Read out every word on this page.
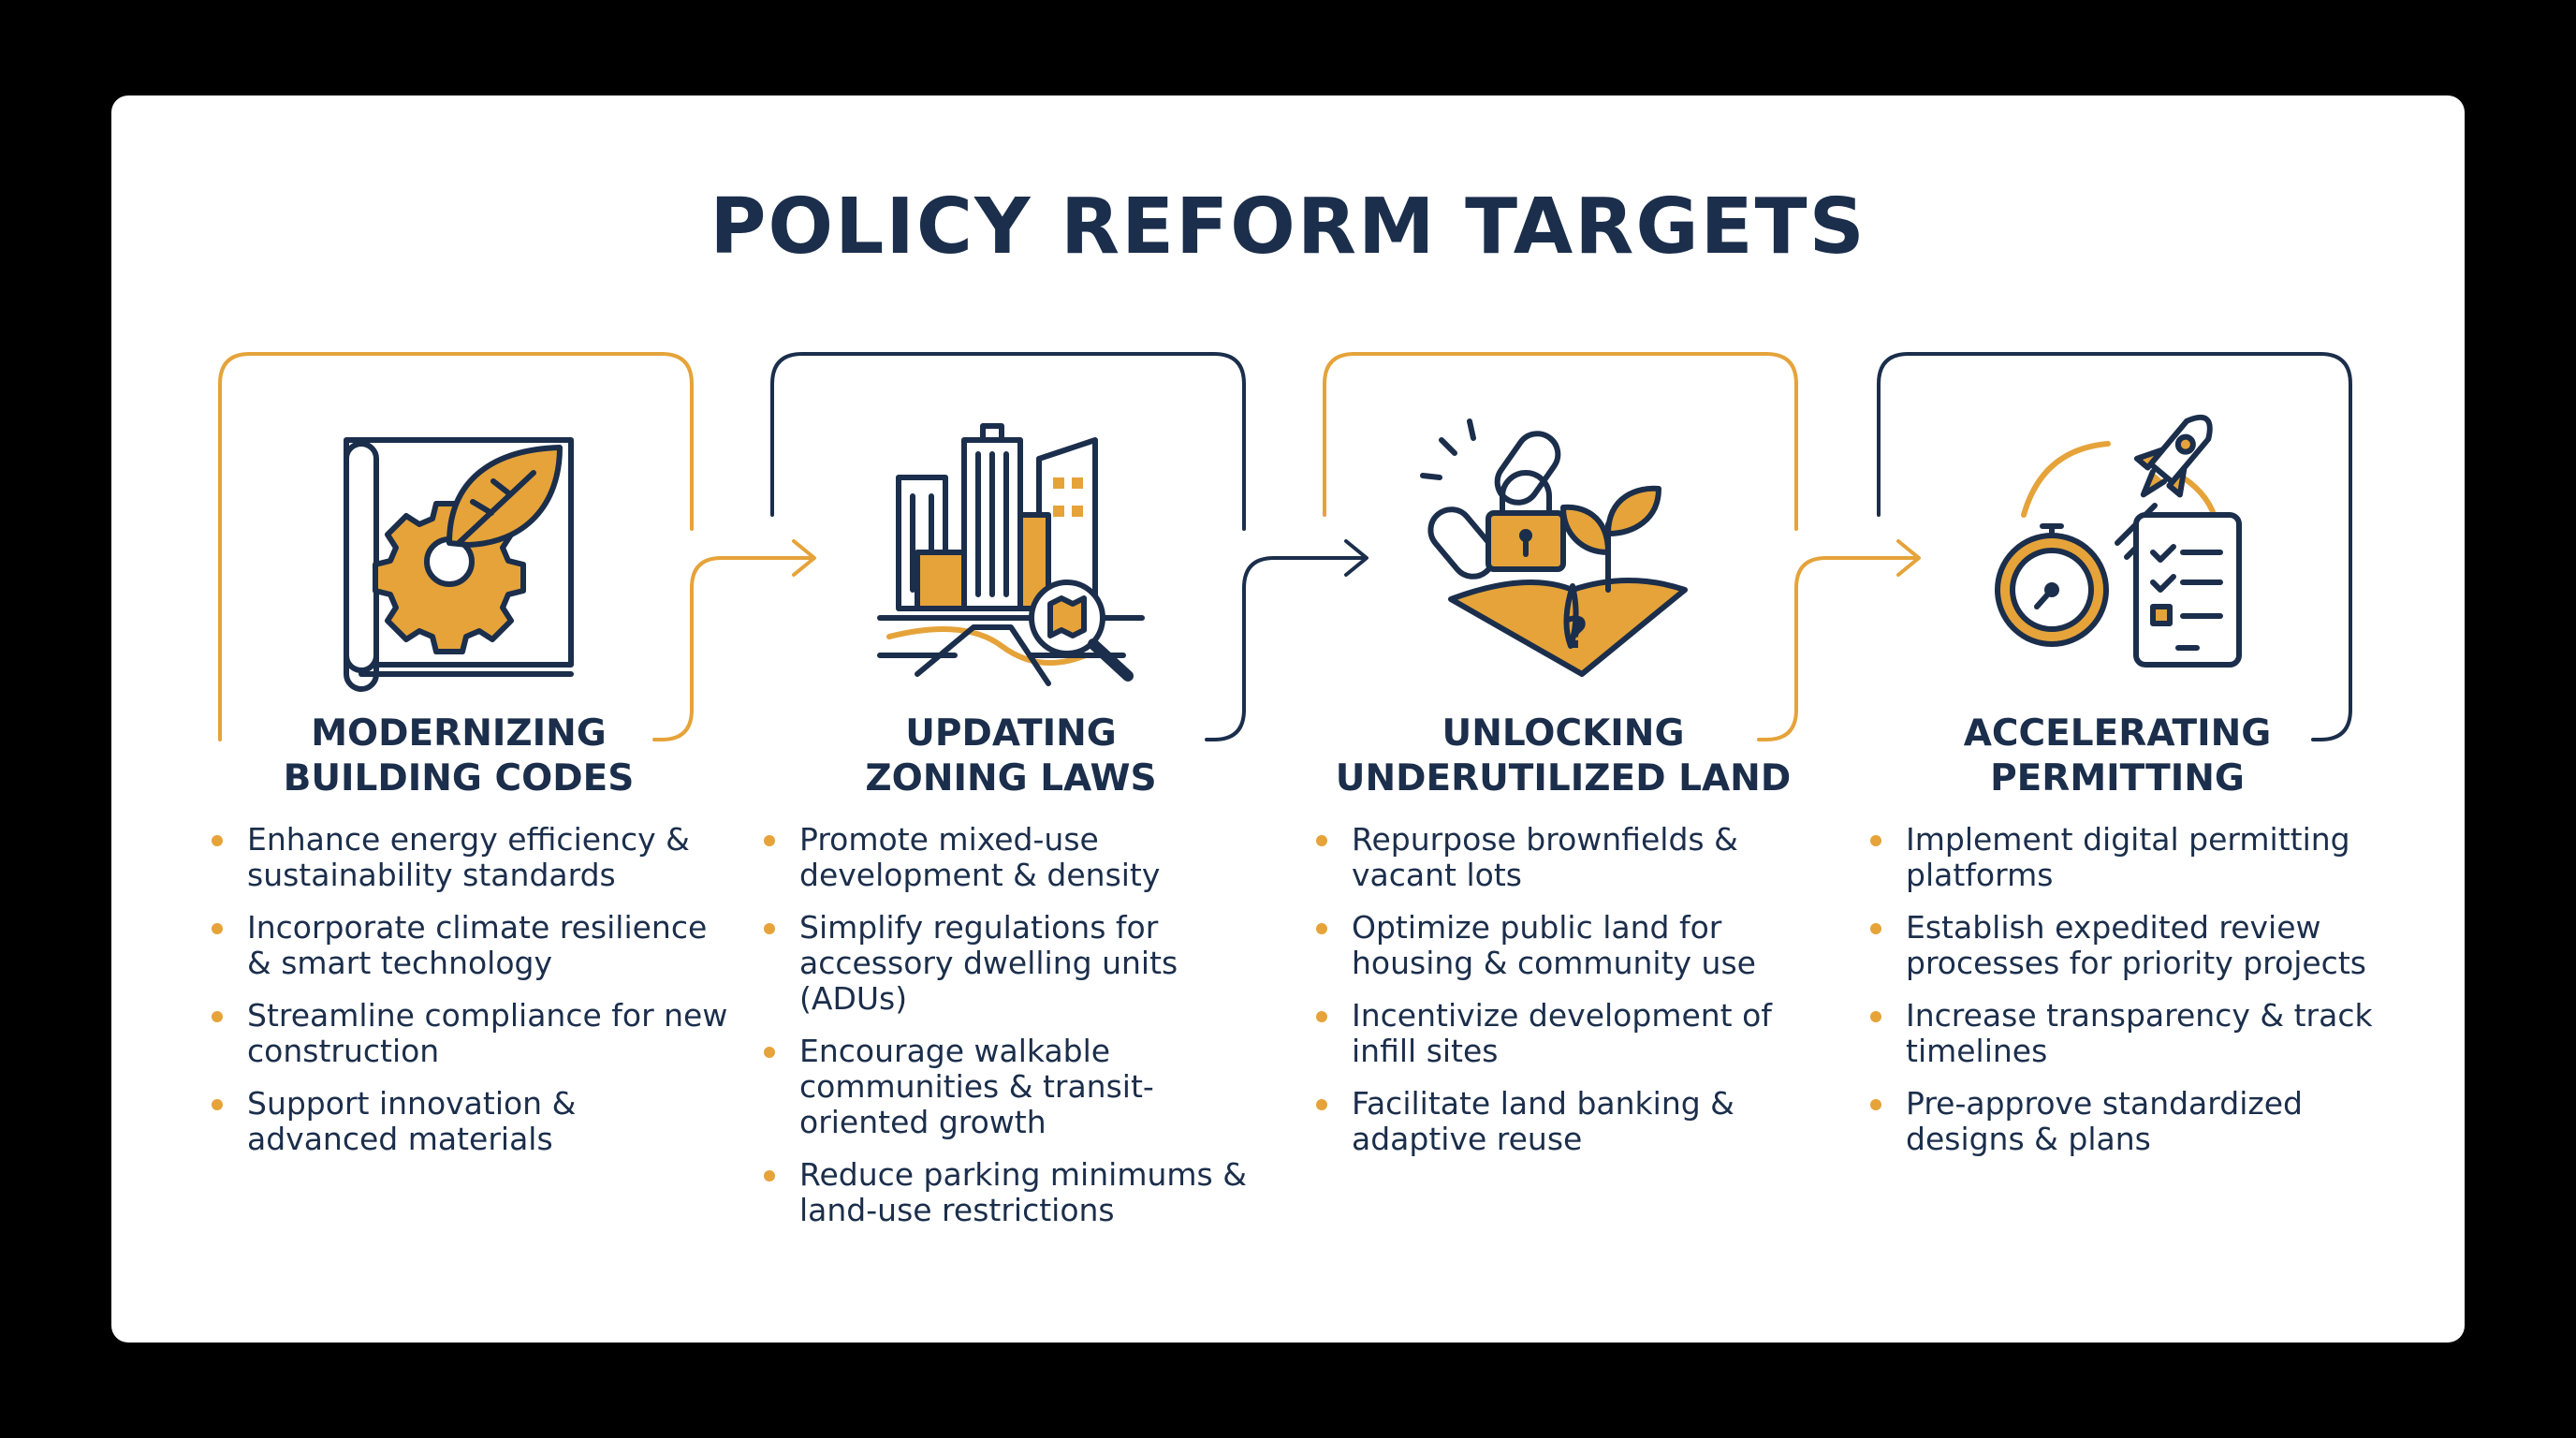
POLICY REFORM TARGETS
MODERNIZING
BUILDING CODES
Enhance energy efficiency & sustainability standards
Incorporate climate resilience & smart technology
Streamline compliance for new construction
Support innovation & advanced materials
UPDATING
ZONING LAWS
Promote mixed-use development & density
Simplify regulations for accessory dwelling units (ADUs)
Encourage walkable communities & transit-oriented growth
Reduce parking minimums & land-use restrictions
?
UNLOCKING
UNDERUTILIZED LAND
Repurpose brownfields & vacant lots
Optimize public land for housing & community use
Incentivize development of infill sites
Facilitate land banking & adaptive reuse
ACCELERATING
PERMITTING
Implement digital permitting platforms
Establish expedited review processes for priority projects
Increase transparency & track timelines
Pre-approve standardized designs & plans
